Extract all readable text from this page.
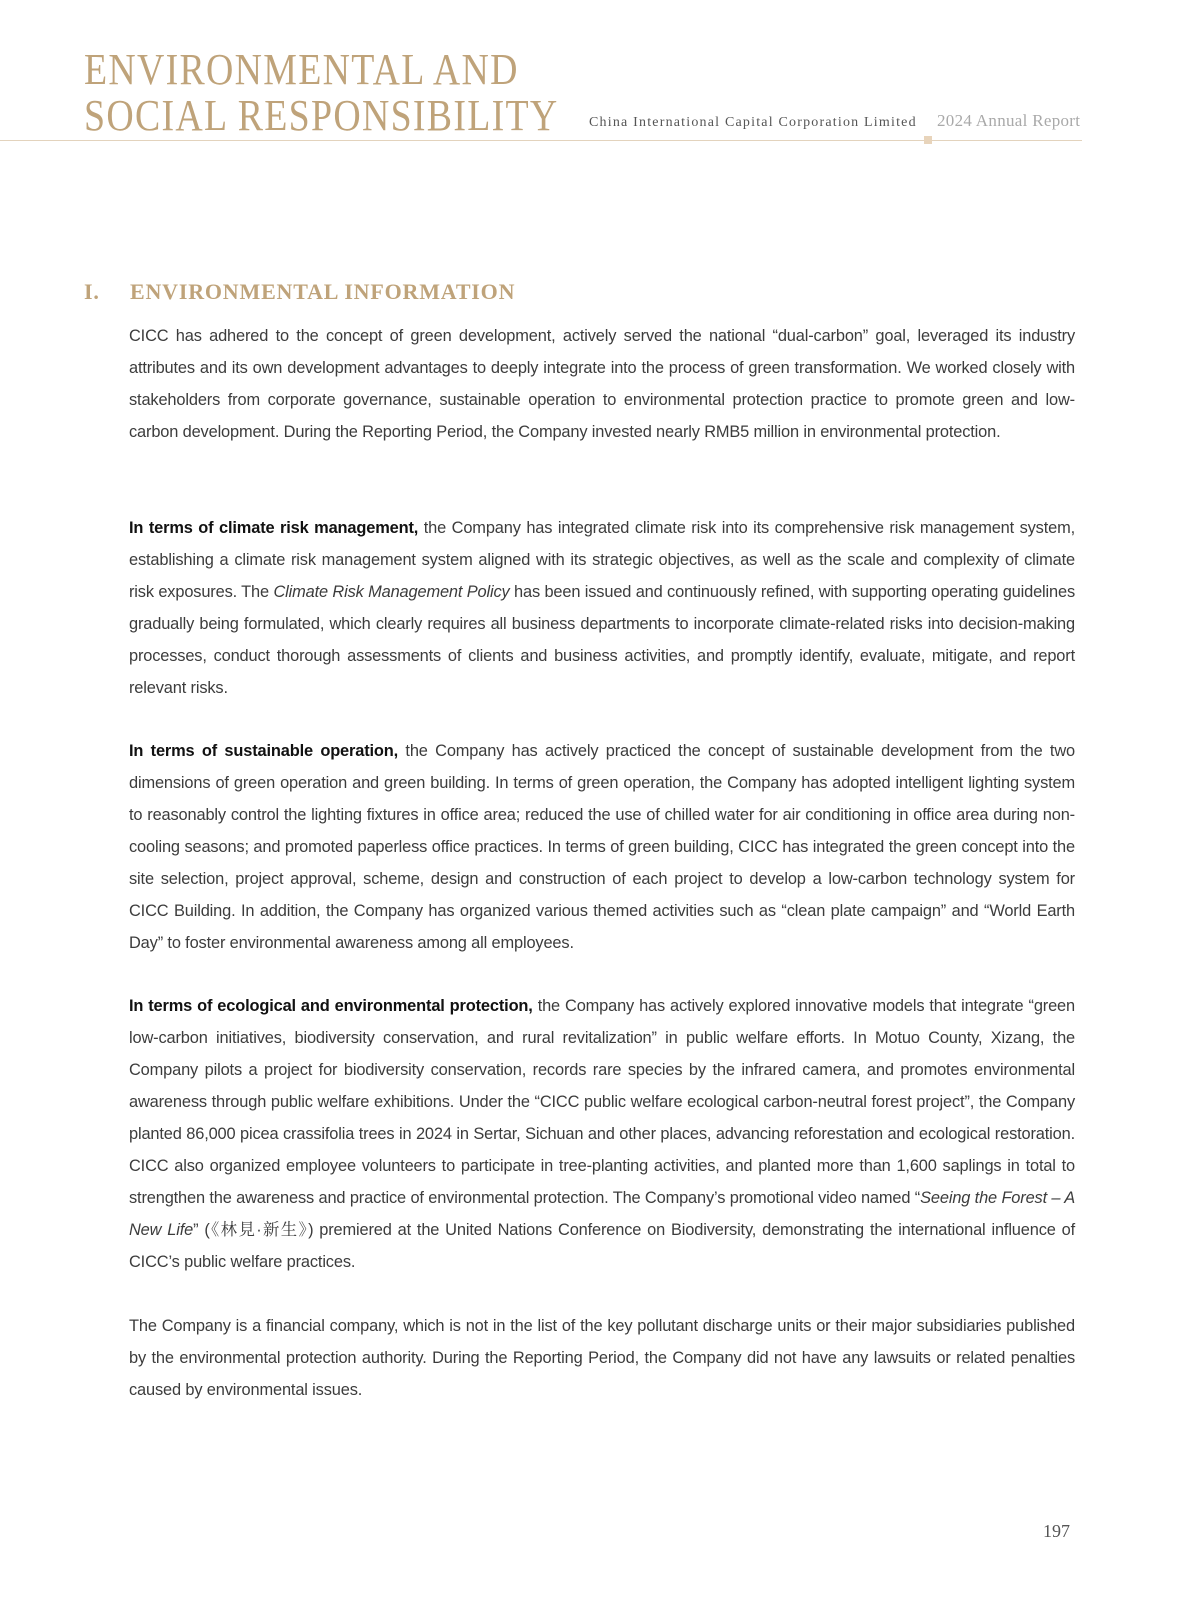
ENVIRONMENTAL AND
SOCIAL RESPONSIBILITY China International Capital Corporation Limited 2024 Annual Report
I. ENVIRONMENTAL INFORMATION
CICC has adhered to the concept of green development, actively served the national “dual-carbon” goal, leveraged its industry attributes and its own development advantages to deeply integrate into the process of green transformation. We worked closely with stakeholders from corporate governance, sustainable operation to environmental protection practice to promote green and low-carbon development. During the Reporting Period, the Company invested nearly RMB5 million in environmental protection.
In terms of climate risk management, the Company has integrated climate risk into its comprehensive risk management system, establishing a climate risk management system aligned with its strategic objectives, as well as the scale and complexity of climate risk exposures. The Climate Risk Management Policy has been issued and continuously refined, with supporting operating guidelines gradually being formulated, which clearly requires all business departments to incorporate climate-related risks into decision-making processes, conduct thorough assessments of clients and business activities, and promptly identify, evaluate, mitigate, and report relevant risks.
In terms of sustainable operation, the Company has actively practiced the concept of sustainable development from the two dimensions of green operation and green building. In terms of green operation, the Company has adopted intelligent lighting system to reasonably control the lighting fixtures in office area; reduced the use of chilled water for air conditioning in office area during non-cooling seasons; and promoted paperless office practices. In terms of green building, CICC has integrated the green concept into the site selection, project approval, scheme, design and construction of each project to develop a low-carbon technology system for CICC Building. In addition, the Company has organized various themed activities such as “clean plate campaign” and “World Earth Day” to foster environmental awareness among all employees.
In terms of ecological and environmental protection, the Company has actively explored innovative models that integrate “green low-carbon initiatives, biodiversity conservation, and rural revitalization” in public welfare efforts. In Motuo County, Xizang, the Company pilots a project for biodiversity conservation, records rare species by the infrared camera, and promotes environmental awareness through public welfare exhibitions. Under the “CICC public welfare ecological carbon-neutral forest project”, the Company planted 86,000 picea crassifolia trees in 2024 in Sertar, Sichuan and other places, advancing reforestation and ecological restoration. CICC also organized employee volunteers to participate in tree-planting activities, and planted more than 1,600 saplings in total to strengthen the awareness and practice of environmental protection. The Company’s promotional video named “Seeing the Forest – A New Life” (《林見·新生》) premiered at the United Nations Conference on Biodiversity, demonstrating the international influence of CICC’s public welfare practices.
The Company is a financial company, which is not in the list of the key pollutant discharge units or their major subsidiaries published by the environmental protection authority. During the Reporting Period, the Company did not have any lawsuits or related penalties caused by environmental issues.
197
